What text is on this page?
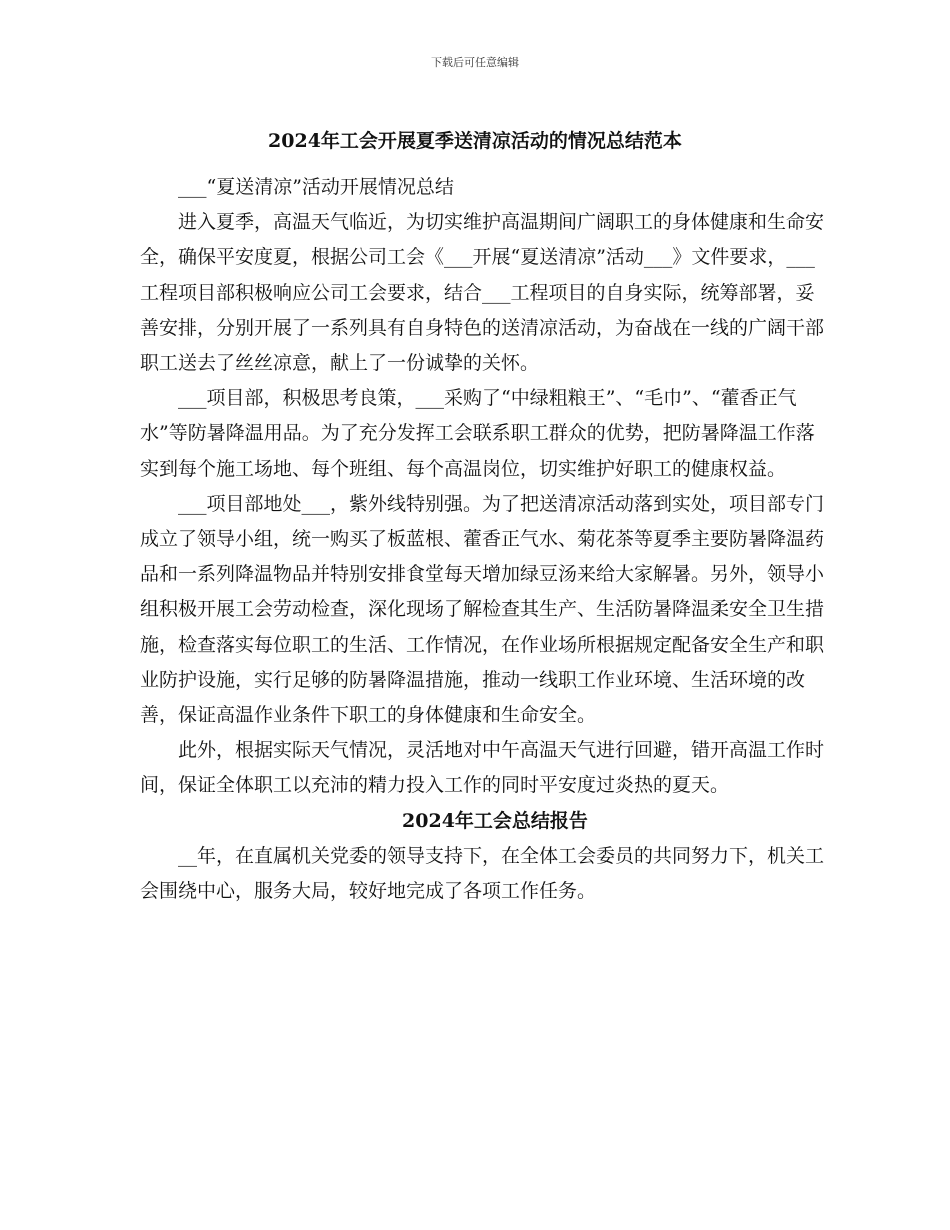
下载后可任意编辑
2024年工会开展夏季送清凉活动的情况总结范本

___“夏送清凉”活动开展情况总结

进入夏季，高温天气临近，为切实维护高温期间广阔职工的身体健康和生命安全，确保平安度夏，根据公司工会《___开展“夏送清凉”活动___》文件要求，___工程项目部积极响应公司工会要求，结合___工程项目的自身实际，统筹部署，妥善安排，分别开展了一系列具有自身特色的送清凉活动，为奋战在一线的广阔干部职工送去了丝丝凉意，献上了一份诚挚的关怀。

___项目部，积极思考良策，___采购了“中绿粗粮王”、“毛巾”、“藿香正气水”等防暑降温用品。为了充分发挥工会联系职工群众的优势，把防暑降温工作落实到每个施工场地、每个班组、每个高温岗位，切实维护好职工的健康权益。

___项目部地处___，紫外线特别强。为了把送清凉活动落到实处，项目部专门成立了领导小组，统一购买了板蓝根、藿香正气水、菊花茶等夏季主要防暑降温药品和一系列降温物品并特别安排食堂每天增加绿豆汤来给大家解暑。另外，领导小组积极开展工会劳动检查，深化现场了解检查其生产、生活防暑降温柔安全卫生措施，检查落实每位职工的生活、工作情况，在作业场所根据规定配备安全生产和职业防护设施，实行足够的防暑降温措施，推动一线职工作业环境、生活环境的改善，保证高温作业条件下职工的身体健康和生命安全。

此外，根据实际天气情况，灵活地对中午高温天气进行回避，错开高温工作时间，保证全体职工以充沛的精力投入工作的同时平安度过炎热的夏天。

2024年工会总结报告

__年，在直属机关党委的领导支持下，在全体工会委员的共同努力下，机关工会围绕中心，服务大局，较好地完成了各项工作任务。
